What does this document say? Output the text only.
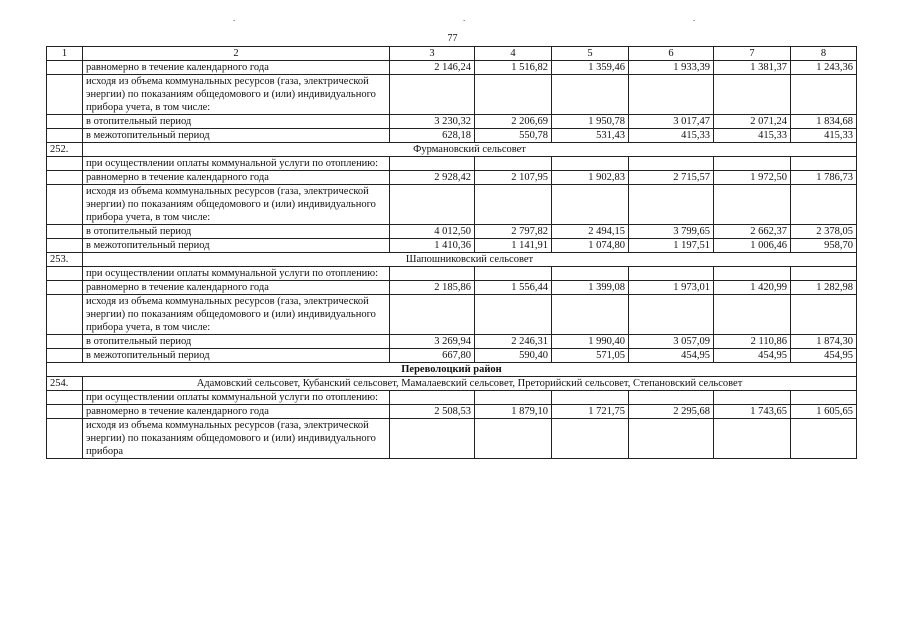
.	.	.
77
1	2	3	4	5	6	7	8
	равномерно в течение календарного года	2 146,24	1 516,82	1 359,46	1 933,39	1 381,37	1 243,36
	исходя из объема коммунальных ресурсов (газа, электрической энергии) по показаниям общедомового и (или) индивидуального прибора учета, в том числе:						
	в отопительный период	3 230,32	2 206,69	1 950,78	3 017,47	2 071,24	1 834,68
	в межотопительный период	628,18	550,78	531,43	415,33	415,33	415,33
252.	Фурмановский сельсовет						
	при осуществлении оплаты коммунальной услуги по отоплению:						
	равномерно в течение календарного года	2 928,42	2 107,95	1 902,83	2 715,57	1 972,50	1 786,73
	исходя из объема коммунальных ресурсов (газа, электрической энергии) по показаниям общедомового и (или) индивидуального прибора учета, в том числе:						
	в отопительный период	4 012,50	2 797,82	2 494,15	3 799,65	2 662,37	2 378,05
	в межотопительный период	1 410,36	1 141,91	1 074,80	1 197,51	1 006,46	958,70
253.	Шапошниковский сельсовет						
	при осуществлении оплаты коммунальной услуги по отоплению:						
	равномерно в течение календарного года	2 185,86	1 556,44	1 399,08	1 973,01	1 420,99	1 282,98
	исходя из объема коммунальных ресурсов (газа, электрической энергии) по показаниям общедомового и (или) индивидуального прибора учета, в том числе:						
	в отопительный период	3 269,94	2 246,31	1 990,40	3 057,09	2 110,86	1 874,30
	в межотопительный период	667,80	590,40	571,05	454,95	454,95	454,95
Переволоцкий район							
254.	Адамовский сельсовет, Кубанский сельсовет, Мамалаевский сельсовет, Преторийский сельсовет, Степановский сельсовет						
	при осуществлении оплаты коммунальной услуги по отоплению:						
	равномерно в течение календарного года	2 508,53	1 879,10	1 721,75	2 295,68	1 743,65	1 605,65
	исходя из объема коммунальных ресурсов (газа, электрической энергии) по показаниям общедомового и (или) индивидуального прибора						
